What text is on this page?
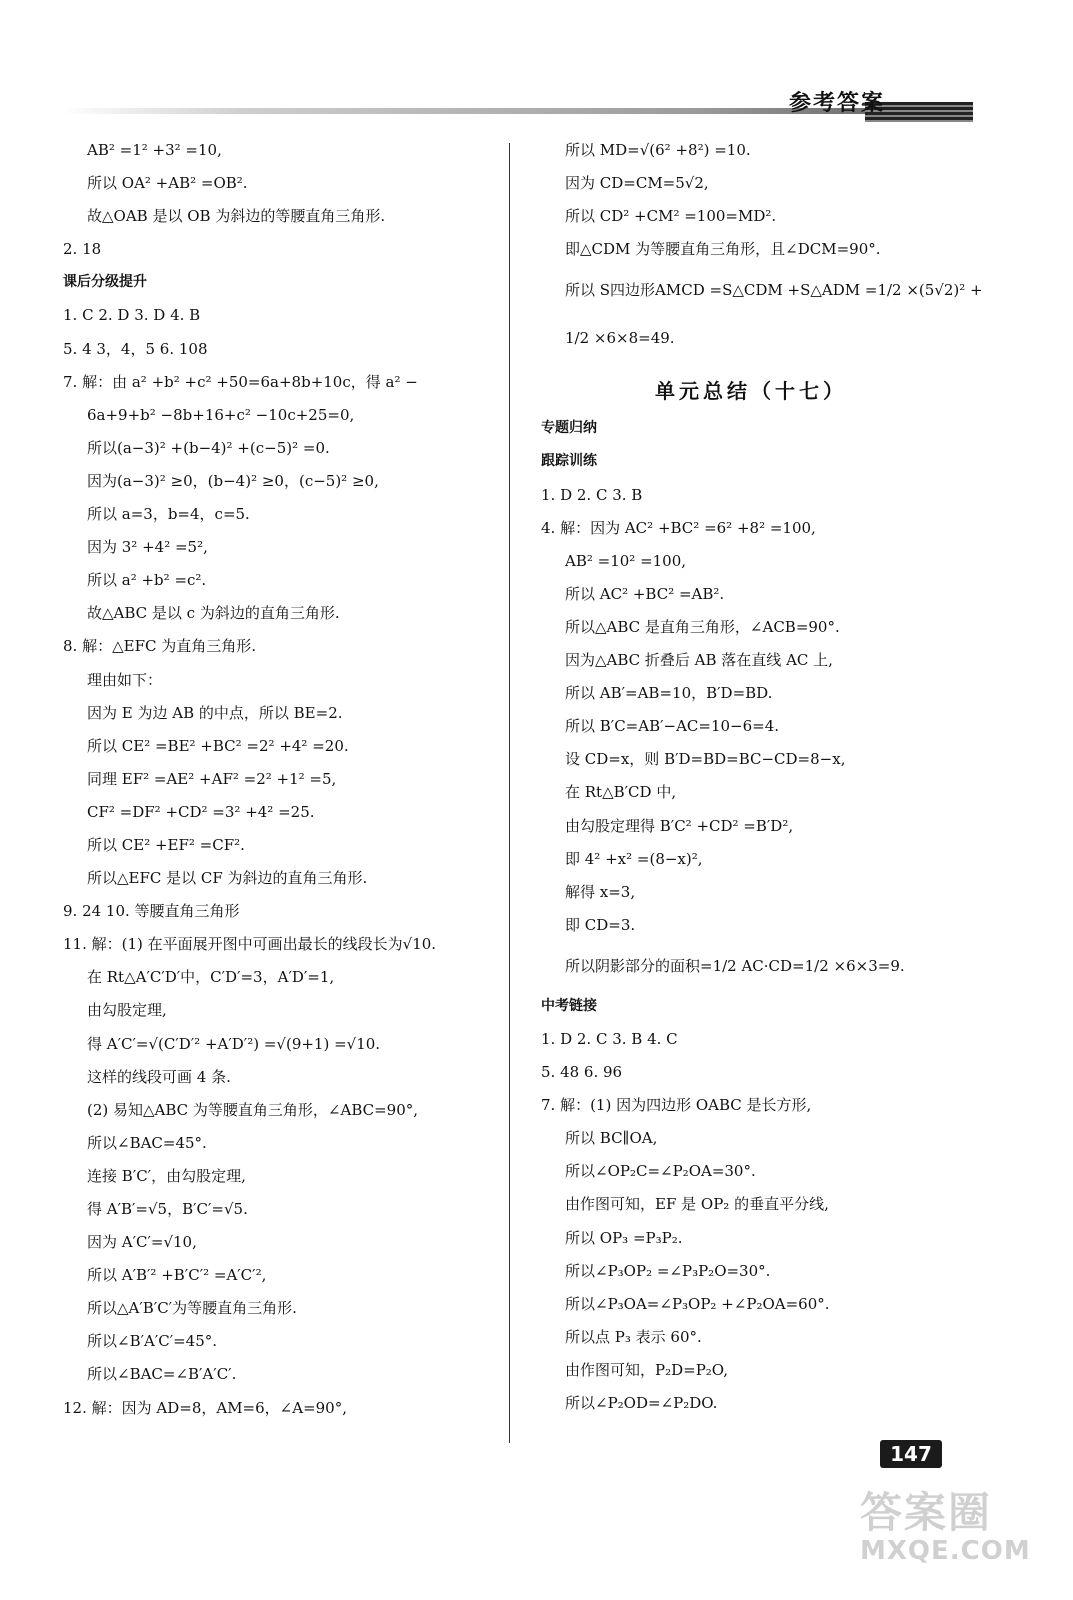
参考答案
AB² =1² +3² =10,
所以 OA² +AB² =OB².
故△OAB 是以 OB 为斜边的等腰直角三角形.
2. 18
课后分级提升
1. C 2. D 3. D 4. B
5. 4 3，4，5 6. 108
7. 解：由 a² +b² +c² +50=6a+8b+10c，得 a² −
6a+9+b² −8b+16+c² −10c+25=0,
所以(a−3)² +(b−4)² +(c−5)² =0.
因为(a−3)² ≥0，(b−4)² ≥0，(c−5)² ≥0,
所以 a=3，b=4，c=5.
因为 3² +4² =5²,
所以 a² +b² =c².
故△ABC 是以 c 为斜边的直角三角形.
8. 解：△EFC 为直角三角形.
理由如下：
因为 E 为边 AB 的中点，所以 BE=2.
所以 CE² =BE² +BC² =2² +4² =20.
同理 EF² =AE² +AF² =2² +1² =5,
CF² =DF² +CD² =3² +4² =25.
所以 CE² +EF² =CF².
所以△EFC 是以 CF 为斜边的直角三角形.
9. 24 10. 等腰直角三角形
11. 解：(1) 在平面展开图中可画出最长的线段长为√10.
在 Rt△A′C′D′中，C′D′=3，A′D′=1,
由勾股定理,
得 A′C′=√(C′D′² +A′D′²) =√(9+1) =√10.
这样的线段可画 4 条.
(2) 易知△ABC 为等腰直角三角形，∠ABC=90°,
所以∠BAC=45°.
连接 B′C′，由勾股定理,
得 A′B′=√5，B′C′=√5.
因为 A′C′=√10,
所以 A′B′² +B′C′² =A′C′²,
所以△A′B′C′为等腰直角三角形.
所以∠B′A′C′=45°.
所以∠BAC=∠B′A′C′.
12. 解：因为 AD=8，AM=6，∠A=90°,
所以 MD=√(6² +8²) =10.
因为 CD=CM=5√2,
所以 CD² +CM² =100=MD².
即△CDM 为等腰直角三角形，且∠DCM=90°.
所以 S四边形AMCD =S△CDM +S△ADM =1/2 ×(5√2)² +
1/2 ×6×8=49.
单元总结（十七）
专题归纳
跟踪训练
1. D 2. C 3. B
4. 解：因为 AC² +BC² =6² +8² =100,
AB² =10² =100,
所以 AC² +BC² =AB².
所以△ABC 是直角三角形，∠ACB=90°.
因为△ABC 折叠后 AB 落在直线 AC 上,
所以 AB′=AB=10，B′D=BD.
所以 B′C=AB′−AC=10−6=4.
设 CD=x，则 B′D=BD=BC−CD=8−x,
在 Rt△B′CD 中,
由勾股定理得 B′C² +CD² =B′D²,
即 4² +x² =(8−x)²,
解得 x=3,
即 CD=3.
所以阴影部分的面积=1/2 AC·CD=1/2 ×6×3=9.
中考链接
1. D 2. C 3. B 4. C
5. 48 6. 96
7. 解：(1) 因为四边形 OABC 是长方形,
所以 BC∥OA,
所以∠OP₂C=∠P₂OA=30°.
由作图可知，EF 是 OP₂ 的垂直平分线,
所以 OP₃ =P₃P₂.
所以∠P₃OP₂ =∠P₃P₂O=30°.
所以∠P₃OA=∠P₃OP₂ +∠P₂OA=60°.
所以点 P₃ 表示 60°.
由作图可知，P₂D=P₂O,
所以∠P₂OD=∠P₂DO.
147
答案圈
MXQE.COM
